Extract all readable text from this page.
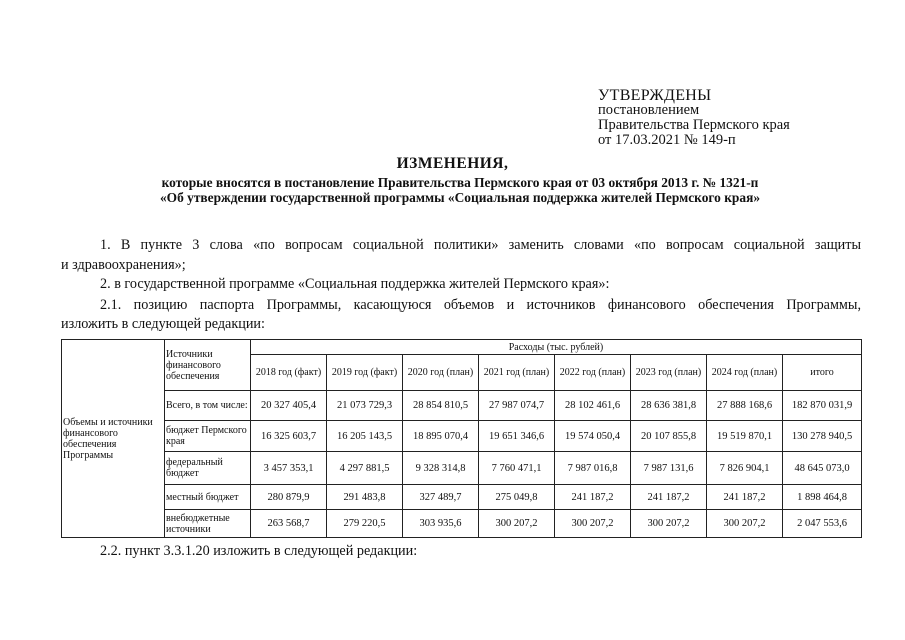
УТВЕРЖДЕНЫ
постановлением
Правительства Пермского края
от 17.03.2021 № 149-п
ИЗМЕНЕНИЯ,
которые вносятся в постановление Правительства Пермского края от 03 октября 2013 г. № 1321-п
«Об утверждении государственной программы «Социальная поддержка жителей Пермского края»
1. В пункте 3 слова «по вопросам социальной политики» заменить словами «по вопросам социальной защиты
и здравоохранения»;
2. в государственной программе «Социальная поддержка жителей Пермского края»:
2.1. позицию паспорта Программы, касающуюся объемов и источников финансового обеспечения Программы,
изложить в следующей редакции:
Объемы и источники финансового обеспечения Программы	Источники финансового обеспечения	Расходы (тыс. рублей)							
		2018 год (факт)	2019 год (факт)	2020 год (план)	2021 год (план)	2022 год (план)	2023 год (план)	2024 год (план)	итого
	Всего, в том числе:	20 327 405,4	21 073 729,3	28 854 810,5	27 987 074,7	28 102 461,6	28 636 381,8	27 888 168,6	182 870 031,9
	бюджет Пермского края	16 325 603,7	16 205 143,5	18 895 070,4	19 651 346,6	19 574 050,4	20 107 855,8	19 519 870,1	130 278 940,5
	федеральный бюджет	3 457 353,1	4 297 881,5	9 328 314,8	7 760 471,1	7 987 016,8	7 987 131,6	7 826 904,1	48 645 073,0
	местный бюджет	280 879,9	291 483,8	327 489,7	275 049,8	241 187,2	241 187,2	241 187,2	1 898 464,8
	внебюджетные источники	263 568,7	279 220,5	303 935,6	300 207,2	300 207,2	300 207,2	300 207,2	2 047 553,6
2.2. пункт 3.3.1.20 изложить в следующей редакции:
